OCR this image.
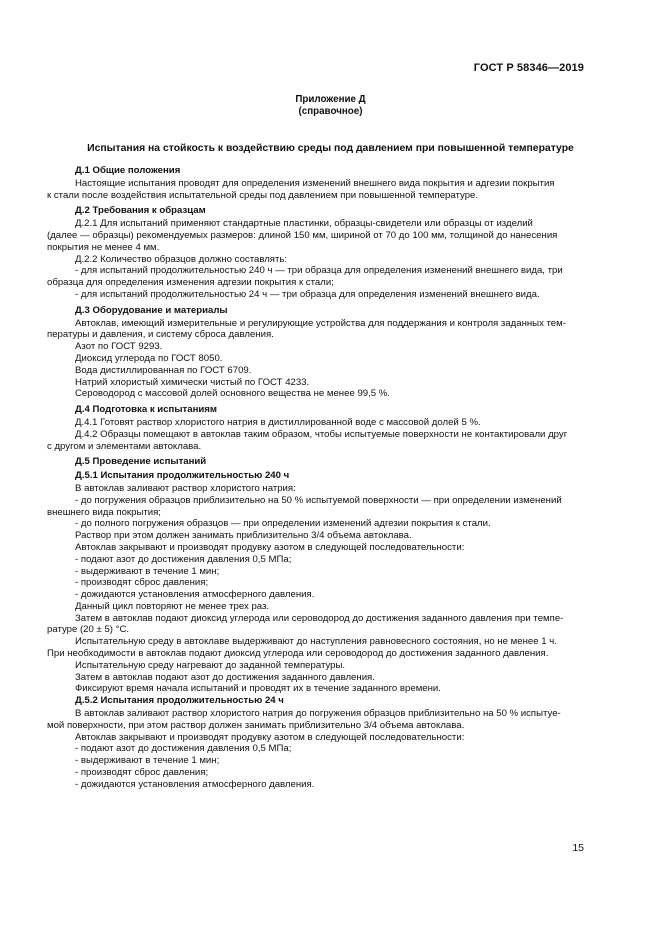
ГОСТ Р 58346—2019
Приложение Д
(справочное)
Испытания на стойкость к воздействию среды под давлением при повышенной температуре
Д.1 Общие положения
Настоящие испытания проводят для определения изменений внешнего вида покрытия и адгезии покрытия
к стали после воздействия испытательной среды под давлением при повышенной температуре.
Д.2 Требования к образцам
Д.2.1 Для испытаний применяют стандартные пластинки, образцы-свидетели или образцы от изделий
(далее — образцы) рекомендуемых размеров: длиной 150 мм, шириной от 70 до 100 мм, толщиной до нанесения
покрытия не менее 4 мм.
Д.2.2 Количество образцов должно составлять:
- для испытаний продолжительностью 240 ч — три образца для определения изменений внешнего вида, три
образца для определения изменения адгезии покрытия к стали;
- для испытаний продолжительностью 24 ч — три образца для определения изменений внешнего вида.
Д.3 Оборудование и материалы
Автоклав, имеющий измерительные и регулирующие устройства для поддержания и контроля заданных тем-
пературы и давления, и систему сброса давления.
Азот по ГОСТ 9293.
Диоксид углерода по ГОСТ 8050.
Вода дистиллированная по ГОСТ 6709.
Натрий хлористый химически чистый по ГОСТ 4233.
Сероводород с массовой долей основного вещества не менее 99,5 %.
Д.4 Подготовка к испытаниям
Д.4.1 Готовят раствор хлористого натрия в дистиллированной воде с массовой долей 5 %.
Д.4.2 Образцы помещают в автоклав таким образом, чтобы испытуемые поверхности не контактировали друг
с другом и элементами автоклава.
Д.5 Проведение испытаний
Д.5.1 Испытания продолжительностью 240 ч
В автоклав заливают раствор хлористого натрия:
- до погружения образцов приблизительно на 50 % испытуемой поверхности — при определении изменений
внешнего вида покрытия;
- до полного погружения образцов — при определении изменений адгезии покрытия к стали.
Раствор при этом должен занимать приблизительно 3/4 объема автоклава.
Автоклав закрывают и производят продувку азотом в следующей последовательности:
- подают азот до достижения давления 0,5 МПа;
- выдерживают в течение 1 мин;
- производят сброс давления;
- дожидаются установления атмосферного давления.
Данный цикл повторяют не менее трех раз.
Затем в автоклав подают диоксид углерода или сероводород до достижения заданного давления при темпе-
ратуре (20 ± 5) °С.
Испытательную среду в автоклаве выдерживают до наступления равновесного состояния, но не менее 1 ч.
При необходимости в автоклав подают диоксид углерода или сероводород до достижения заданного давления.
Испытательную среду нагревают до заданной температуры.
Затем в автоклав подают азот до достижения заданного давления.
Фиксируют время начала испытаний и проводят их в течение заданного времени.
Д.5.2 Испытания продолжительностью 24 ч
В автоклав заливают раствор хлористого натрия до погружения образцов приблизительно на 50 % испытуе-
мой поверхности, при этом раствор должен занимать приблизительно 3/4 объема автоклава.
Автоклав закрывают и производят продувку азотом в следующей последовательности:
- подают азот до достижения давления 0,5 МПа;
- выдерживают в течение 1 мин;
- производят сброс давления;
- дожидаются установления атмосферного давления.
15
